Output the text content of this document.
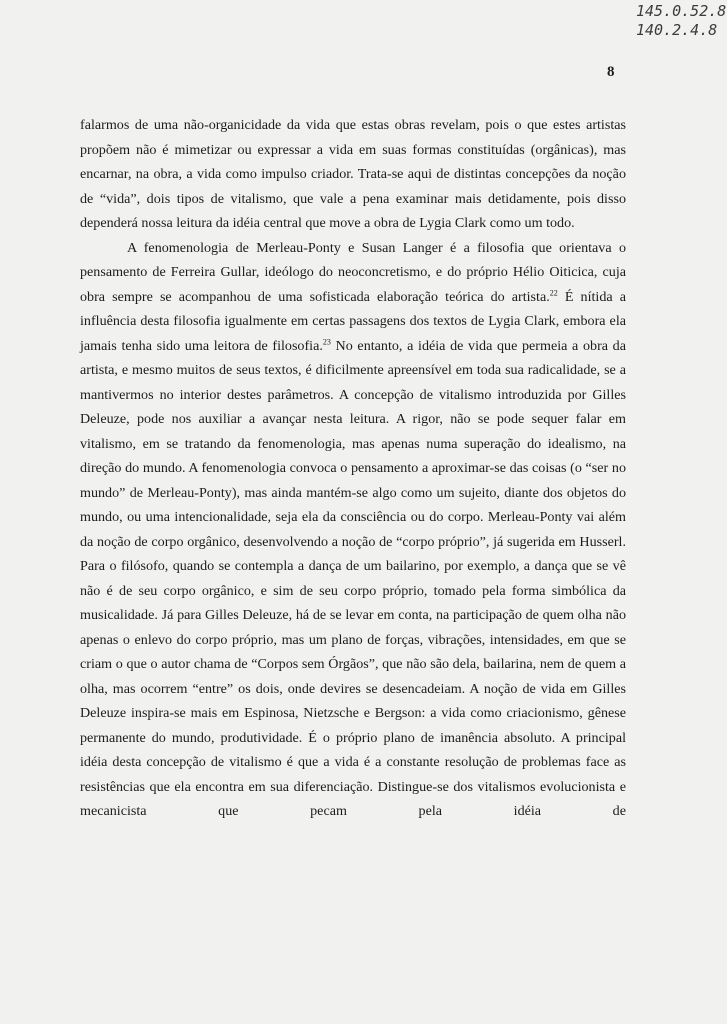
145.0.52.8
140.2.4.8
8

falarmos de uma não-organicidade da vida que estas obras revelam, pois o que estes artistas propõem não é mimetizar ou expressar a vida em suas formas constituídas (orgânicas), mas encarnar, na obra, a vida como impulso criador. Trata-se aqui de distintas concepções da noção de “vida”, dois tipos de vitalismo, que vale a pena examinar mais detidamente, pois disso dependerá nossa leitura da idéia central que move a obra de Lygia Clark como um todo.

A fenomenologia de Merleau-Ponty e Susan Langer é a filosofia que orientava o pensamento de Ferreira Gullar, ideólogo do neoconcretismo, e do próprio Hélio Oiticica, cuja obra sempre se acompanhou de uma sofisticada elaboração teórica do artista.$^{22}$ É nítida a influência desta filosofia igualmente em certas passagens dos textos de Lygia Clark, embora ela jamais tenha sido uma leitora de filosofia.$^{23}$ No entanto, a idéia de vida que permeia a obra da artista, e mesmo muitos de seus textos, é dificilmente apreensível em toda sua radicalidade, se a mantivermos no interior destes parâmetros. A concepção de vitalismo introduzida por Gilles Deleuze, pode nos auxiliar a avançar nesta leitura. A rigor, não se pode sequer falar em vitalismo, em se tratando da fenomenologia, mas apenas numa superação do idealismo, na direção do mundo. A fenomenologia convoca o pensamento a aproximar-se das coisas (o “ser no mundo” de Merleau-Ponty), mas ainda mantém-se algo como um sujeito, diante dos objetos do mundo, ou uma intencionalidade, seja ela da consciência ou do corpo. Merleau-Ponty vai além da noção de corpo orgânico, desenvolvendo a noção de “corpo próprio”, já sugerida em Husserl. Para o filósofo, quando se contempla a dança de um bailarino, por exemplo, a dança que se vê não é de seu corpo orgânico, e sim de seu corpo próprio, tomado pela forma simbólica da musicalidade. Já para Gilles Deleuze, há de se levar em conta, na participação de quem olha não apenas o enlevo do corpo próprio, mas um plano de forças, vibrações, intensidades, em que se criam o que o autor chama de “Corpos sem Órgãos”, que não são dela, bailarina, nem de quem a olha, mas ocorrem “entre” os dois, onde devires se desencadeiam. A noção de vida em Gilles Deleuze inspira-se mais em Espinosa, Nietzsche e Bergson: a vida como criacionismo, gênese permanente do mundo, produtividade. É o próprio plano de imanência absoluto. A principal idéia desta concepção de vitalismo é que a vida é a constante resolução de problemas face as resistências que ela encontra em sua diferenciação. Distingue-se dos vitalismos evolucionista e mecanicista que pecam pela idéia de
